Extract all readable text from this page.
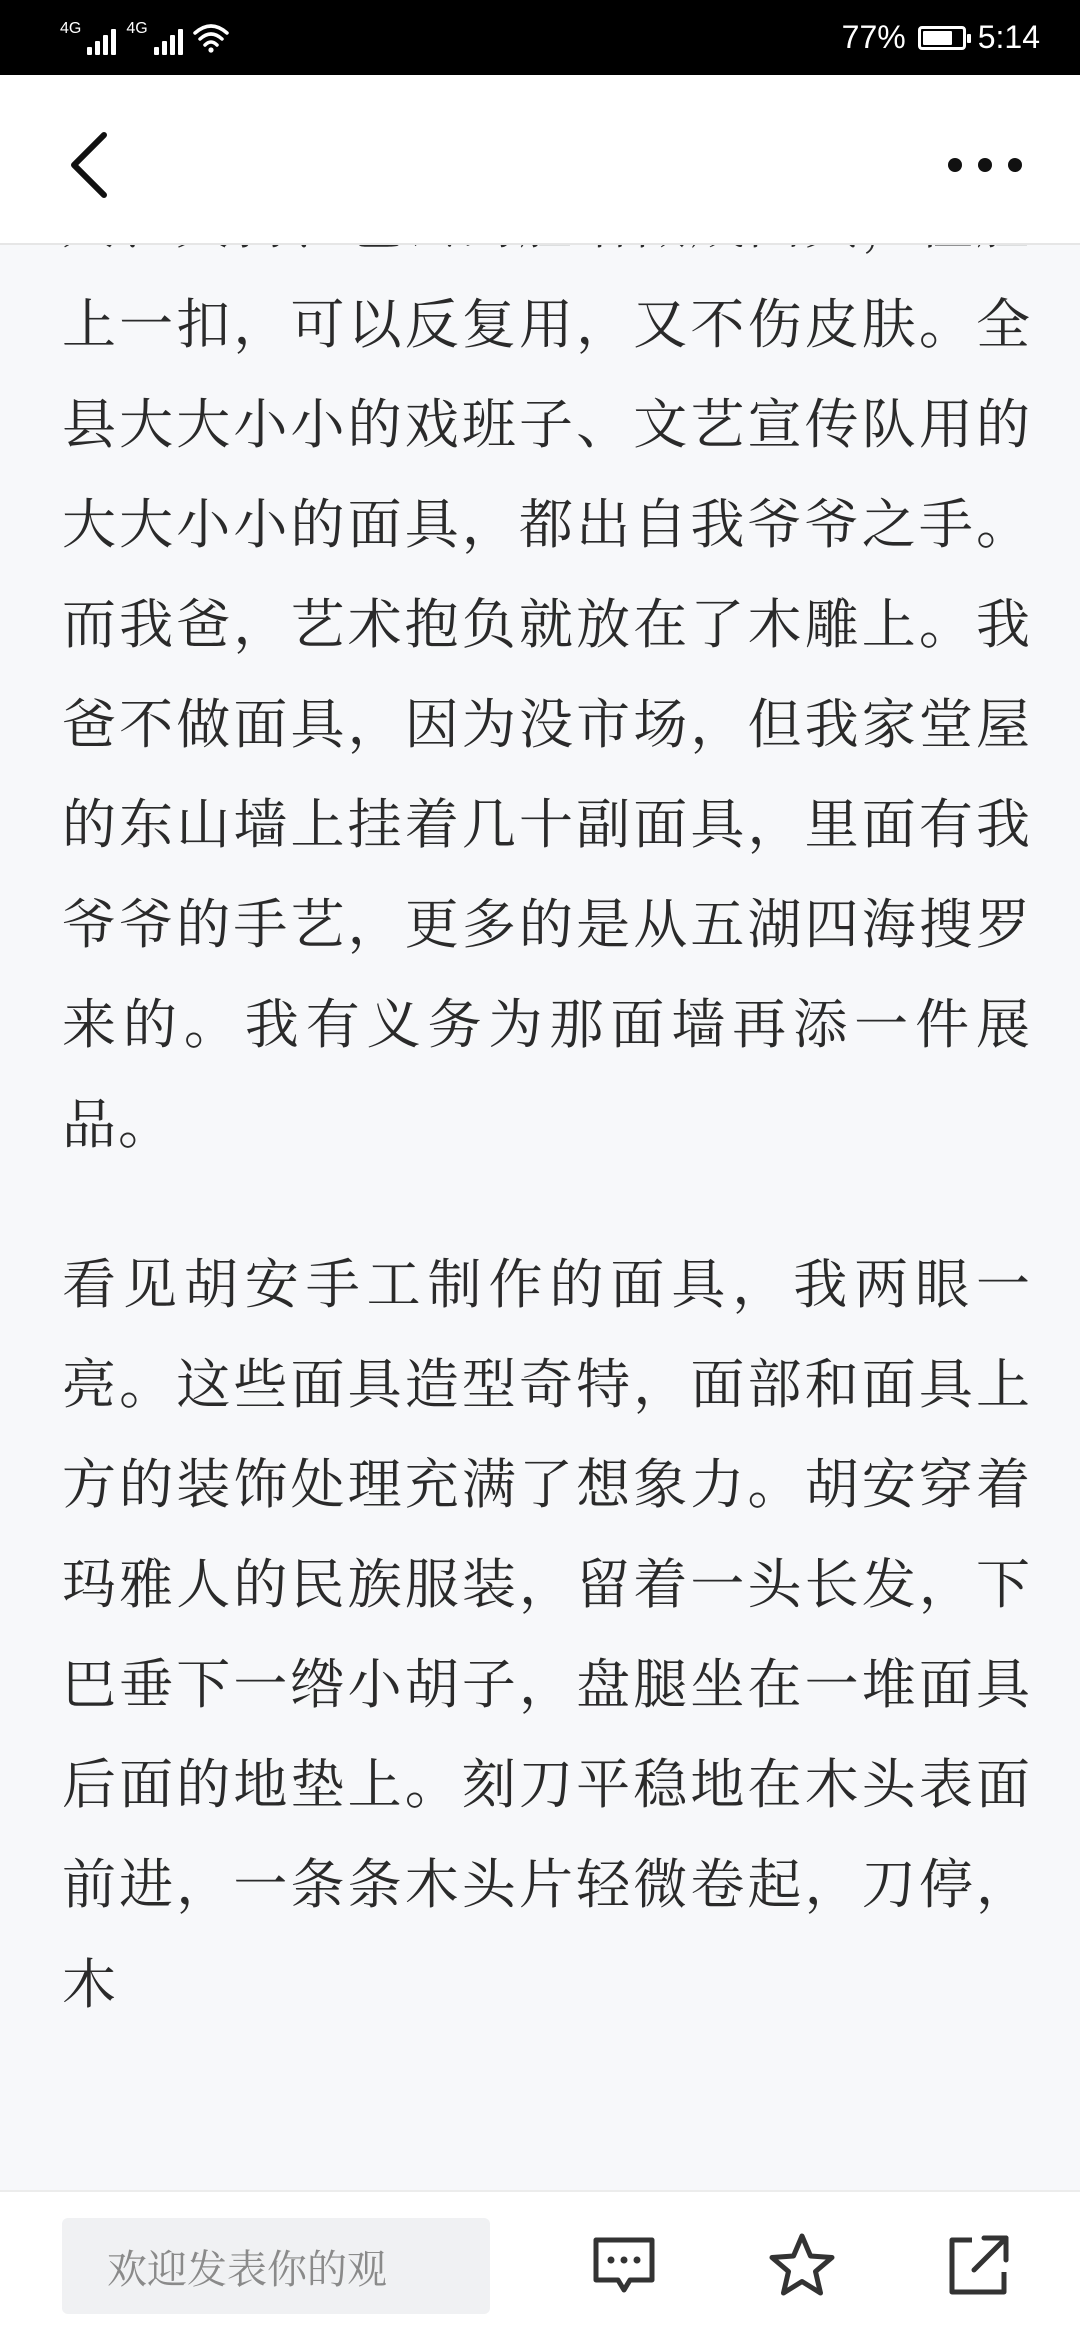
4G	4G	77% 5:14

上一扣，可以反复用，又不伤皮肤。全县大大小小的戏班子、文艺宣传队用的大大小小的面具，都出自我爷爷之手。而我爸，艺术抱负就放在了木雕上。我爸不做面具，因为没市场，但我家堂屋的东山墙上挂着几十副面具，里面有我爷爷的手艺，更多的是从五湖四海搜罗来的。我有义务为那面墙再添一件展品。

看见胡安手工制作的面具，我两眼一亮。这些面具造型奇特，面部和面具上方的装饰处理充满了想象力。胡安穿着玛雅人的民族服装，留着一头长发，下巴垂下一绺小胡子，盘腿坐在一堆面具后面的地垫上。刻刀平稳地在木头表面前进，一条条木头片轻微卷起，刀停，木

欢迎发表你的观
